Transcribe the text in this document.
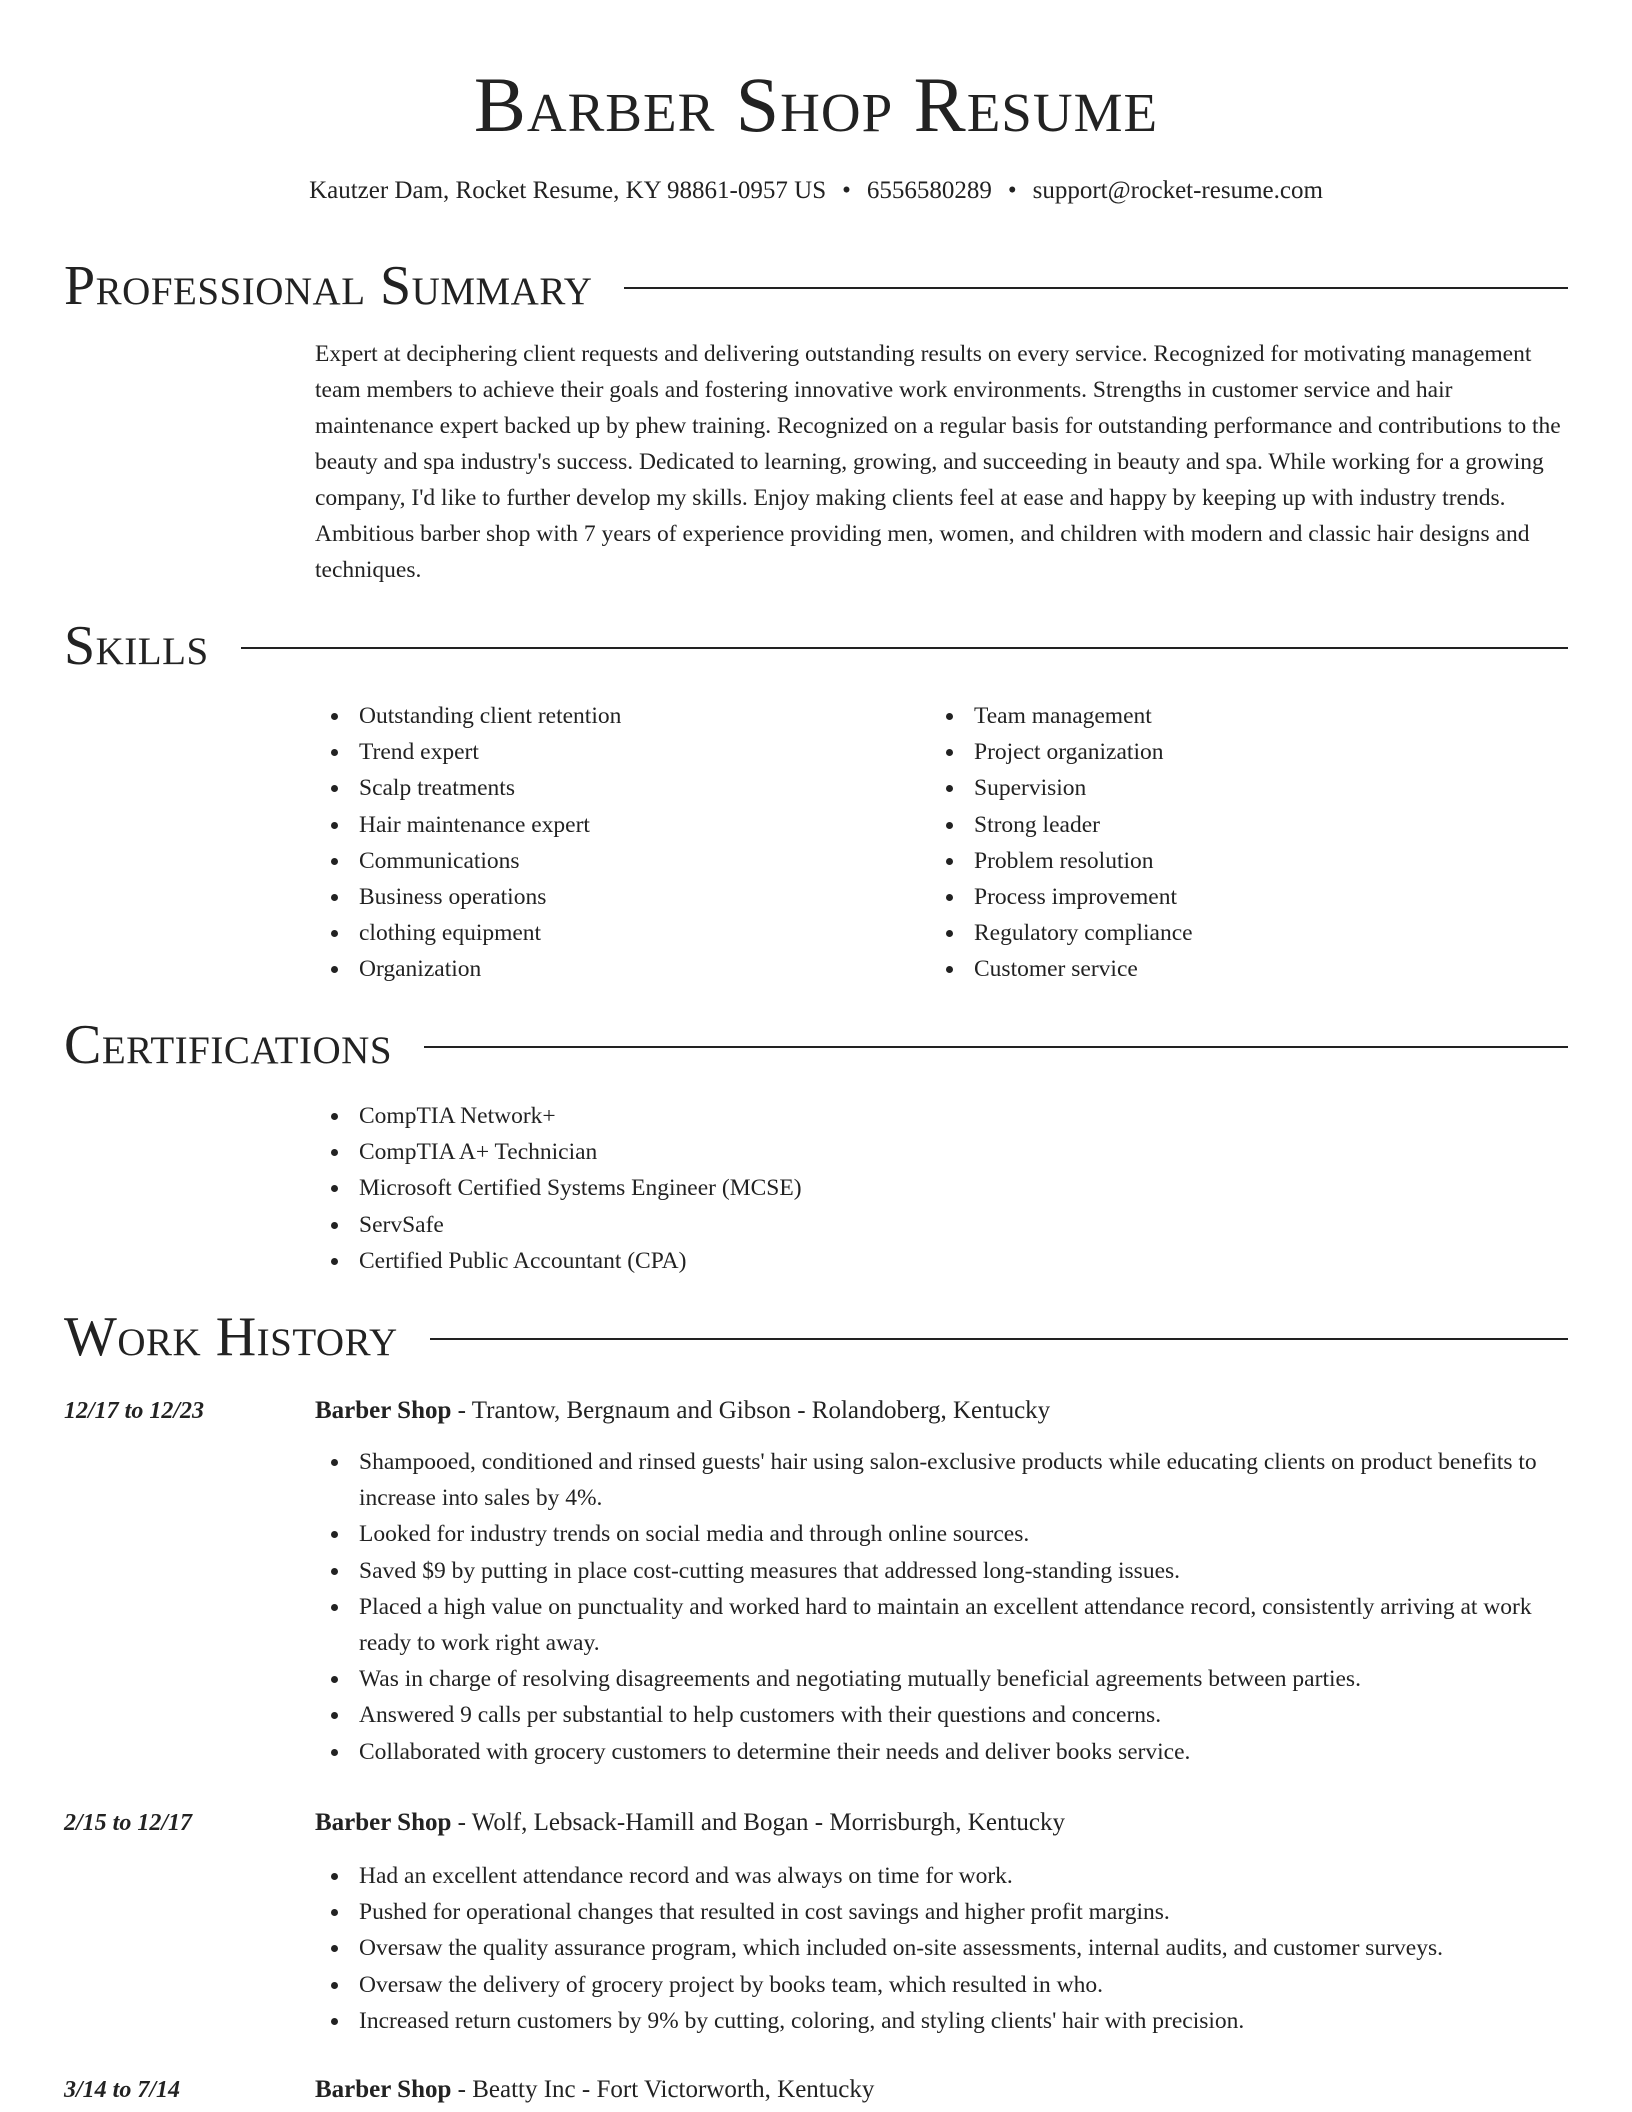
Barber Shop Resume
Kautzer Dam, Rocket Resume, KY 98861-0957 US • 6556580289 • support@rocket-resume.com
Professional Summary

Expert at deciphering client requests and delivering outstanding results on every service. Recognized for motivating management team members to achieve their goals and fostering innovative work environments. Strengths in customer service and hair maintenance expert backed up by phew training. Recognized on a regular basis for outstanding performance and contributions to the beauty and spa industry's success. Dedicated to learning, growing, and succeeding in beauty and spa. While working for a growing company, I'd like to further develop my skills. Enjoy making clients feel at ease and happy by keeping up with industry trends. Ambitious barber shop with 7 years of experience providing men, women, and children with modern and classic hair designs and techniques.

Skills
Outstanding client retention
Trend expert
Scalp treatments
Hair maintenance expert
Communications
Business operations
clothing equipment
Organization
Team management
Project organization
Supervision
Strong leader
Problem resolution
Process improvement
Regulatory compliance
Customer service
Certifications
CompTIA Network+
CompTIA A+ Technician
Microsoft Certified Systems Engineer (MCSE)
ServSafe
Certified Public Accountant (CPA)
Work History
12/17 to 12/23	Barber Shop - Trantow, Bergnaum and Gibson - Rolandoberg, Kentucky
Shampooed, conditioned and rinsed guests' hair using salon-exclusive products while educating clients on product benefits to increase into sales by 4%.
Looked for industry trends on social media and through online sources.
Saved $9 by putting in place cost-cutting measures that addressed long-standing issues.
Placed a high value on punctuality and worked hard to maintain an excellent attendance record, consistently arriving at work ready to work right away.
Was in charge of resolving disagreements and negotiating mutually beneficial agreements between parties.
Answered 9 calls per substantial to help customers with their questions and concerns.
Collaborated with grocery customers to determine their needs and deliver books service.
2/15 to 12/17	Barber Shop - Wolf, Lebsack-Hamill and Bogan - Morrisburgh, Kentucky
Had an excellent attendance record and was always on time for work.
Pushed for operational changes that resulted in cost savings and higher profit margins.
Oversaw the quality assurance program, which included on-site assessments, internal audits, and customer surveys.
Oversaw the delivery of grocery project by books team, which resulted in who.
Increased return customers by 9% by cutting, coloring, and styling clients' hair with precision.
3/14 to 7/14	Barber Shop - Beatty Inc - Fort Victorworth, Kentucky
